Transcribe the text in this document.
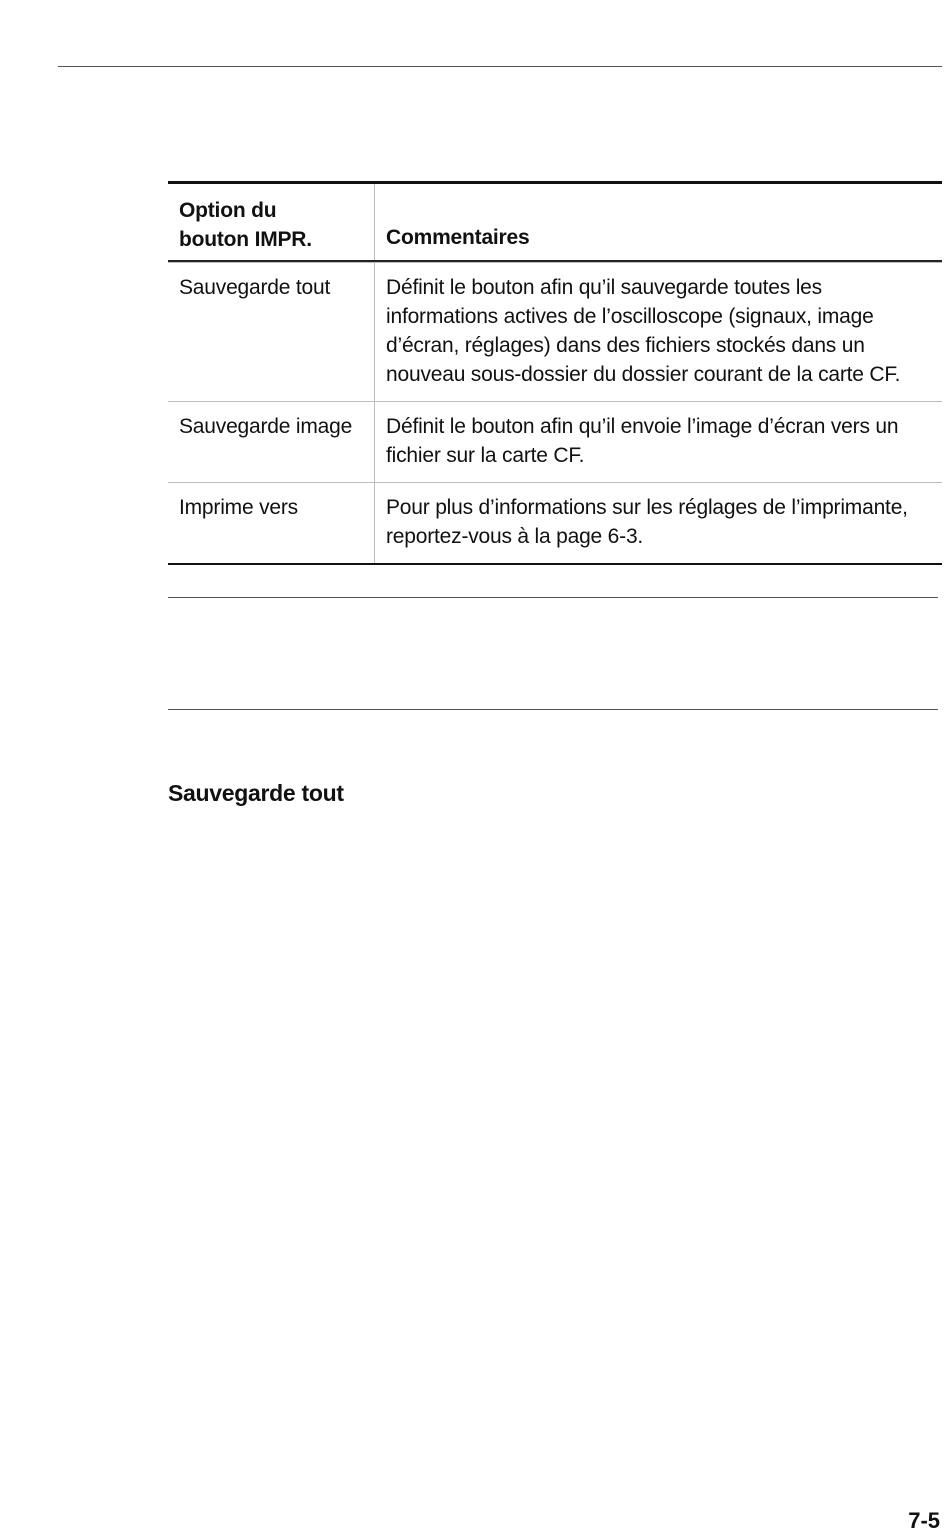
Option du
bouton IMPR.	Commentaires
Sauvegarde tout	Définit le bouton afin qu’il sauvegarde toutes les informations actives de l’oscilloscope (signaux, image d’écran, réglages) dans des fichiers stockés dans un nouveau sous-dossier du dossier courant de la carte CF.
Sauvegarde image	Définit le bouton afin qu’il envoie l’image d’écran vers un fichier sur la carte CF.
Imprime vers	Pour plus d’informations sur les réglages de l’imprimante, reportez-vous à la page 6-3.
Sauvegarde tout
7-5
